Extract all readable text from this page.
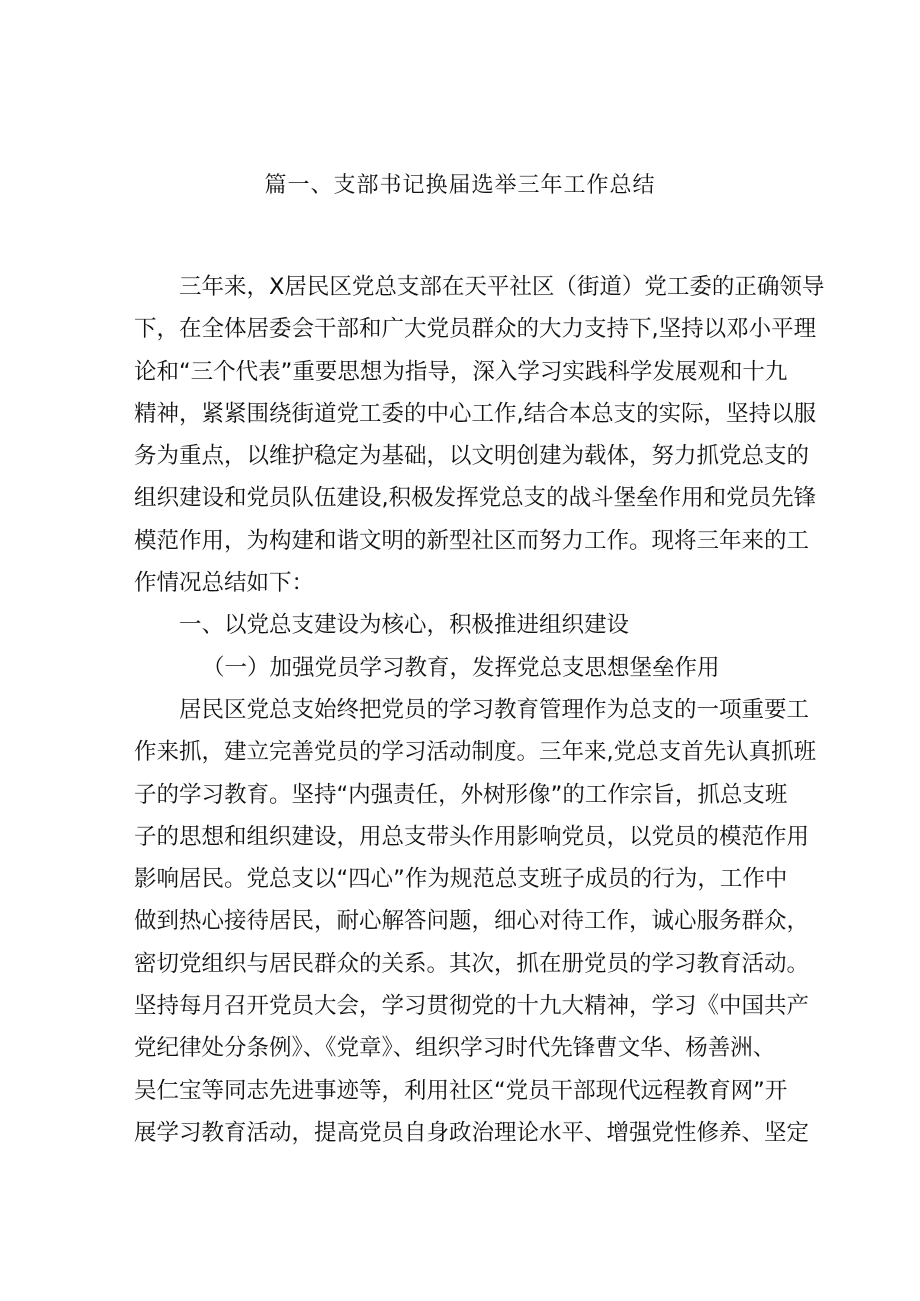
篇一、支部书记换届选举三年工作总结
三年来，X居民区党总支部在天平社区（街道）党工委的正确领导
下，在全体居委会干部和广大党员群众的大力支持下,坚持以邓小平理
论和“三个代表”重要思想为指导，深入学习实践科学发展观和十九
精神，紧紧围绕街道党工委的中心工作,结合本总支的实际，坚持以服
务为重点，以维护稳定为基础，以文明创建为载体，努力抓党总支的
组织建设和党员队伍建设,积极发挥党总支的战斗堡垒作用和党员先锋
模范作用，为构建和谐文明的新型社区而努力工作。现将三年来的工
作情况总结如下：
一、以党总支建设为核心，积极推进组织建设
（一）加强党员学习教育，发挥党总支思想堡垒作用
居民区党总支始终把党员的学习教育管理作为总支的一项重要工
作来抓，建立完善党员的学习活动制度。三年来,党总支首先认真抓班
子的学习教育。坚持“内强责任，外树形像”的工作宗旨，抓总支班
子的思想和组织建设，用总支带头作用影响党员，以党员的模范作用
影响居民。党总支以“四心”作为规范总支班子成员的行为，工作中
做到热心接待居民，耐心解答问题，细心对待工作，诚心服务群众，
密切党组织与居民群众的关系。其次，抓在册党员的学习教育活动。
坚持每月召开党员大会，学习贯彻党的十九大精神，学习《中国共产
党纪律处分条例》、《党章》、组织学习时代先锋曹文华、杨善洲、
吴仁宝等同志先进事迹等，利用社区“党员干部现代远程教育网”开
展学习教育活动，提高党员自身政治理论水平、增强党性修养、坚定
